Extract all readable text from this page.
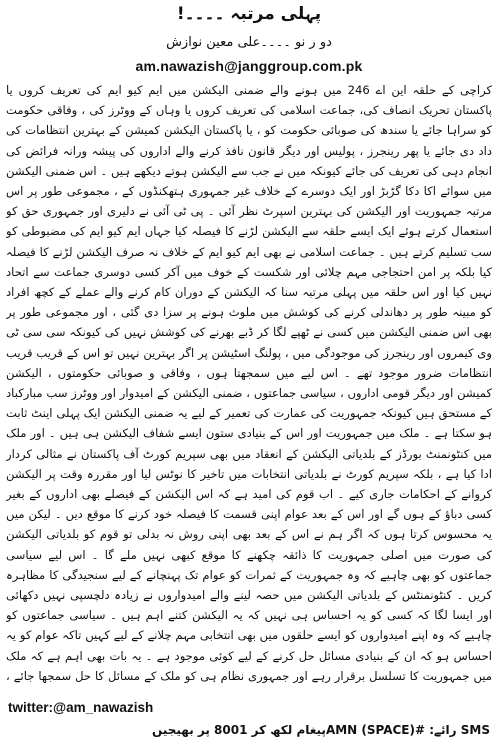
پہلی مرتبہ ۔۔۔۔!
دو ر نو ۔۔۔۔علی معین نوازش
am.nawazish@janggroup.com.pk
کراچی کے حلقہ این اے 246 میں ہونے والے ضمنی الیکشن میں ایم کیو ایم کی تعریف کروں یا پاکستان تحریک انصاف کی، جماعت اسلامی کی تعریف کروں یا وہاں کے ووٹرز کی ، وفاقی حکومت کو سراہا جائے یا سندھ کی صوبائی حکومت کو ، یا پاکستان الیکشن کمیشن کے بہترین انتظامات کی داد دی جائے یا پھر رینجرز ، پولیس اور دیگر قانون نافذ کرنے والے اداروں کی پیشہ ورانہ فرائض کی انجام دہی کی تعریف کی جائے کیونکہ میں نے جب سے الیکشن ہوتے دیکھے ہیں ۔ اس ضمنی الیکشن میں سوائے اکا دکا گڑبڑ اور ایک دوسرے کے خلاف غیر جمہوری ہتھکنڈوں کے ، مجموعی طور پر اس مرتبہ جمہوریت اور الیکشن کی بہترین اسپرٹ نظر آئی ۔ پی ٹی آئی نے دلیری اور جمہوری حق کو استعمال کرتے ہوئے ایک ایسے حلقہ سے الیکشن لڑنے کا فیصلہ کیا جہاں ایم کیو ایم کی مضبوطی کو سب تسلیم کرتے ہیں ۔ جماعت اسلامی نے بھی ایم کیو ایم کے خلاف نہ صرف الیکشن لڑنے کا فیصلہ کیا بلکہ پر امن احتجاجی مہم چلائی اور شکست کے خوف میں آکر کسی دوسری جماعت سے اتحاد نہیں کیا اور اس حلقہ میں پہلی مرتبہ سنا کہ الیکشن کے دوران کام کرنے والے عملے کے کچھ افراد کو مبینہ طور پر دھاندلی کرنے کی کوشش میں ملوث ہونے پر سزا دی گئی ، اور مجموعی طور پر بھی اس ضمنی الیکشن میں کسی نے ٹھپے لگا کر ڈبے بھرنے کی کوشش نہیں کی کیونکہ سی سی ٹی وی کیمروں اور رینجرز کی موجودگی میں ، پولنگ اسٹیشن پر اگر بہترین نہیں تو اس کے قریب قریب انتظامات ضرور موجود تھے ۔ اس لیے میں سمجھتا ہوں ، وفاقی و صوبائی حکومتوں ، الیکشن کمیشن اور دیگر قومی اداروں ، سیاسی جماعتوں ، ضمنی الیکشن کے امیدوار اور ووٹرز سب مبارکباد کے مستحق ہیں کیونکہ جمہوریت کی عمارت کی تعمیر کے لیے یہ ضمنی الیکشن ایک پہلی اینٹ ثابت ہو سکتا ہے ۔ ملک میں جمہوریت اور اس کے بنیادی ستون ایسے شفاف الیکشن ہی ہیں ۔ اور ملک میں کنٹونمنٹ بورڈز کے بلدیاتی الیکشن کے انعقاد میں بھی سپریم کورٹ آف پاکستان نے مثالی کردار ادا کیا ہے ، بلکہ سپریم کورٹ نے بلدیاتی انتخابات میں تاخیر کا نوٹس لیا اور مقررہ وقت پر الیکشن کروانے کے احکامات جاری کیے ۔ اب قوم کی امید ہے کہ اس الیکشن کے فیصلے بھی اداروں کے بغیر کسی دباؤ کے ہوں گے اور اس کے بعد عوام اپنی قسمت کا فیصلہ خود کرنے کا موقع دیں ۔ لیکن میں یہ محسوس کرتا ہوں کہ اگر ہم نے اس کے بعد بھی اپنی روش نہ بدلی تو قوم کو بلدیاتی الیکشن کی صورت میں اصلی جمہوریت کا ذائقہ چکھنے کا موقع کبھی نہیں ملے گا ۔ اس لیے سیاسی جماعتوں کو بھی چاہیے کہ وہ جمہوریت کے ثمرات کو عوام تک پہنچانے کے لیے سنجیدگی کا مظاہرہ کریں ۔ کنٹونمنٹس کے بلدیاتی الیکشن میں حصہ لینے والے امیدواروں نے زیادہ دلچسپی نہیں دکھائی اور ایسا لگا کہ کسی کو یہ احساس ہی نہیں کہ یہ الیکشن کتنے اہم ہیں ۔ سیاسی جماعتوں کو چاہیے کہ وہ اپنے امیدواروں کو ایسے حلقوں میں بھی انتخابی مہم چلانے کے لیے کہیں تاکہ عوام کو یہ احساس ہو کہ ان کے بنیادی مسائل حل کرنے کے لیے کوئی موجود ہے ۔ یہ بات بھی اہم ہے کہ ملک میں جمہوریت کا تسلسل برقرار رہے اور جمہوری نظام ہی کو ملک کے مسائل کا حل سمجھا جائے ،
twitter:@am_nawazish
SMS رائے: #AMN (SPACE)پیغام لکھ کر 8001 پر بھیجیں
